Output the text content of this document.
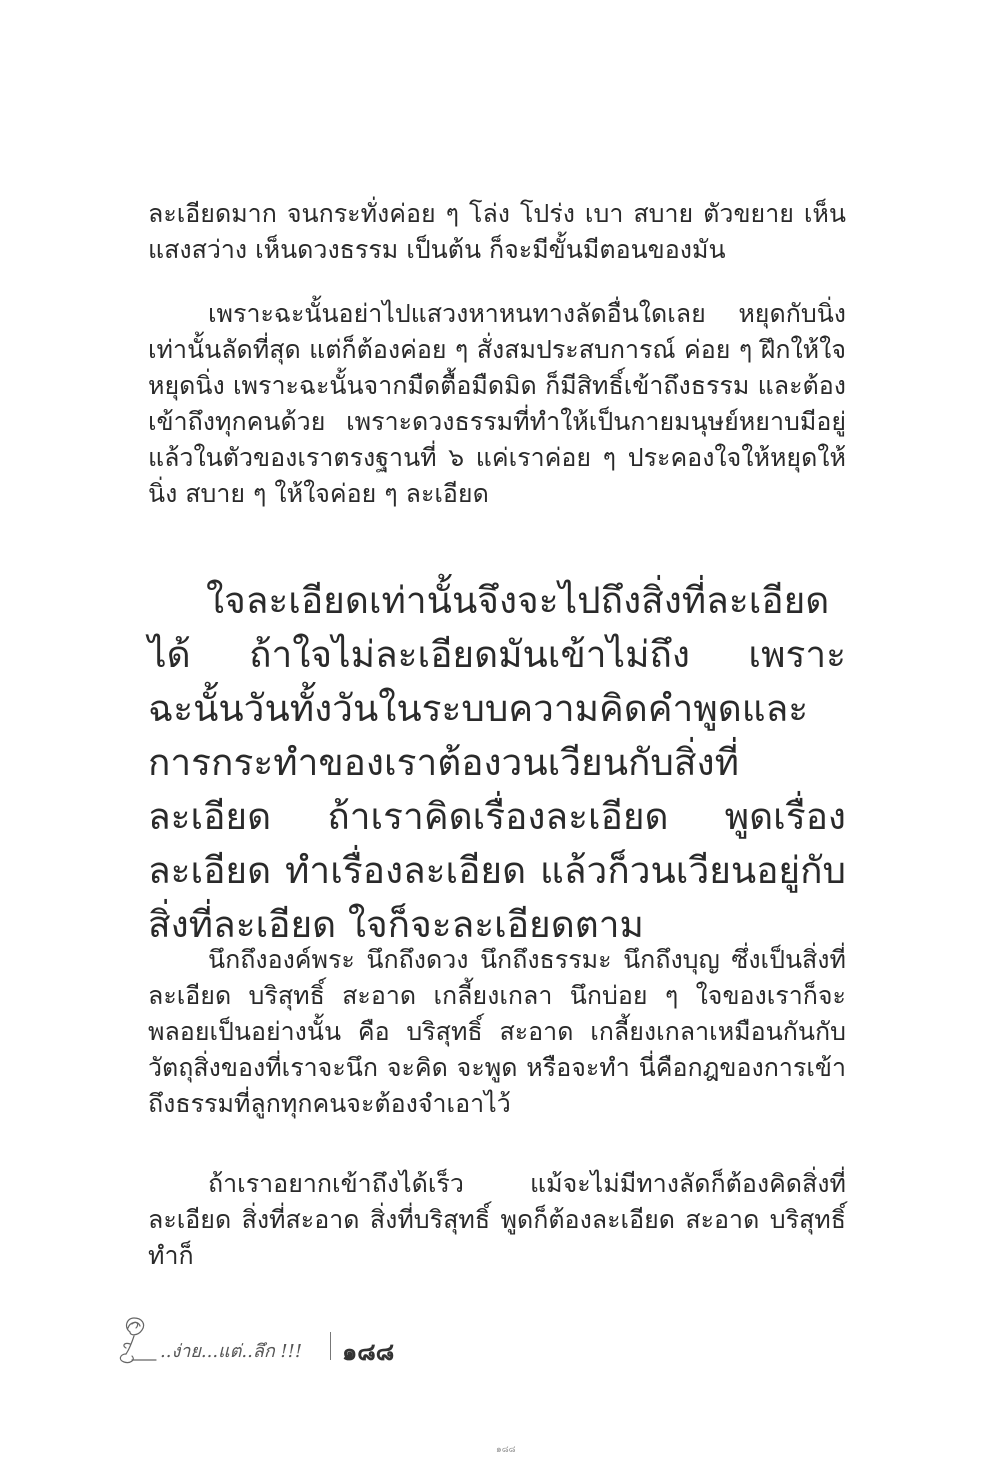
ละเอียดมาก จนกระทั่งค่อย ๆ โล่ง โปร่ง เบา สบาย ตัวขยาย เห็นแสงสว่าง เห็นดวงธรรม เป็นต้น ก็จะมีขั้นมีตอนของมัน

เพราะฉะนั้นอย่าไปแสวงหาหนทางลัดอื่นใดเลย หยุดกับนิ่งเท่านั้นลัดที่สุด แต่ก็ต้องค่อย ๆ สั่งสมประสบการณ์ ค่อย ๆ ฝึกให้ใจหยุดนิ่ง เพราะฉะนั้นจากมืดตื้อมืดมิด ก็มีสิทธิ์เข้าถึงธรรม และต้องเข้าถึงทุกคนด้วย เพราะดวงธรรมที่ทำให้เป็นกายมนุษย์หยาบมีอยู่แล้วในตัวของเราตรงฐานที่ ๖ แค่เราค่อย ๆ ประคองใจให้หยุดให้นิ่ง สบาย ๆ ให้ใจค่อย ๆ ละเอียด

ใจละเอียดเท่านั้นจึงจะไปถึงสิ่งที่ละเอียดได้ ถ้าใจไม่ละเอียดมันเข้าไม่ถึง เพราะฉะนั้นวันทั้งวันในระบบความคิดคำพูดและการกระทำของเราต้องวนเวียนกับสิ่งที่ละเอียด ถ้าเราคิดเรื่องละเอียด พูดเรื่องละเอียด ทำเรื่องละเอียด แล้วก็วนเวียนอยู่กับสิ่งที่ละเอียด ใจก็จะละเอียดตาม

นึกถึงองค์พระ นึกถึงดวง นึกถึงธรรมะ นึกถึงบุญ ซึ่งเป็นสิ่งที่ละเอียด บริสุทธิ์ สะอาด เกลี้ยงเกลา นึกบ่อย ๆ ใจของเราก็จะพลอยเป็นอย่างนั้น คือ บริสุทธิ์ สะอาด เกลี้ยงเกลาเหมือนกันกับวัตถุสิ่งของที่เราจะนึก จะคิด จะพูด หรือจะทำ นี่คือกฎของการเข้าถึงธรรมที่ลูกทุกคนจะต้องจำเอาไว้

ถ้าเราอยากเข้าถึงได้เร็ว แม้จะไม่มีทางลัดก็ต้องคิดสิ่งที่ละเอียด สิ่งที่สะอาด สิ่งที่บริสุทธิ์ พูดก็ต้องละเอียด สะอาด บริสุทธิ์ ทำก็

..ง่าย...แต่..ลึก !!! ๑๘๘
๑๘๘
